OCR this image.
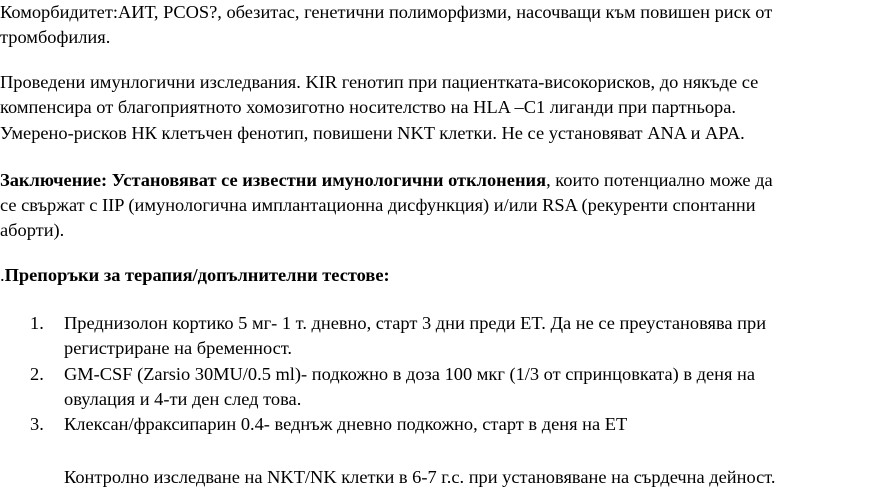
Коморбидитет:АИТ, PCOS?, обезитас, генетични полиморфизми, насочващи към повишен риск от
тромбофилия.
Проведени имунлогични изследвания. KIR генотип при пациентката-високорисков, до някъде се
компенсира от благоприятното хомозиготно носителство на HLA –C1 лиганди при партньора.
Умерено-рисков НК клетъчен фенотип, повишени NKT клетки. Не се установяват ANA и APA.
Заключение: Установяват се известни имунологични отклонения, които потенциално може да
се свържат с IIP (имунологична имплантационна дисфункция) и/или RSA (рекуренти спонтанни
аборти).
.Препоръки за терапия/допълнителни тестове:
1. Преднизолон кортико 5 мг- 1 т. дневно, старт 3 дни преди ET. Да не се преустановява при
регистриране на бременност.
2. GM-CSF (Zarsio 30MU/0.5 ml)- подкожно в доза 100 мкг (1/3 от спринцовката) в деня на
овулация и 4-ти ден след това.
3. Клексан/фраксипарин 0.4- веднъж дневно подкожно, старт в деня на ET
Контролно изследване на NKT/NK клетки в 6-7 г.с. при установяване на сърдечна дейност.
